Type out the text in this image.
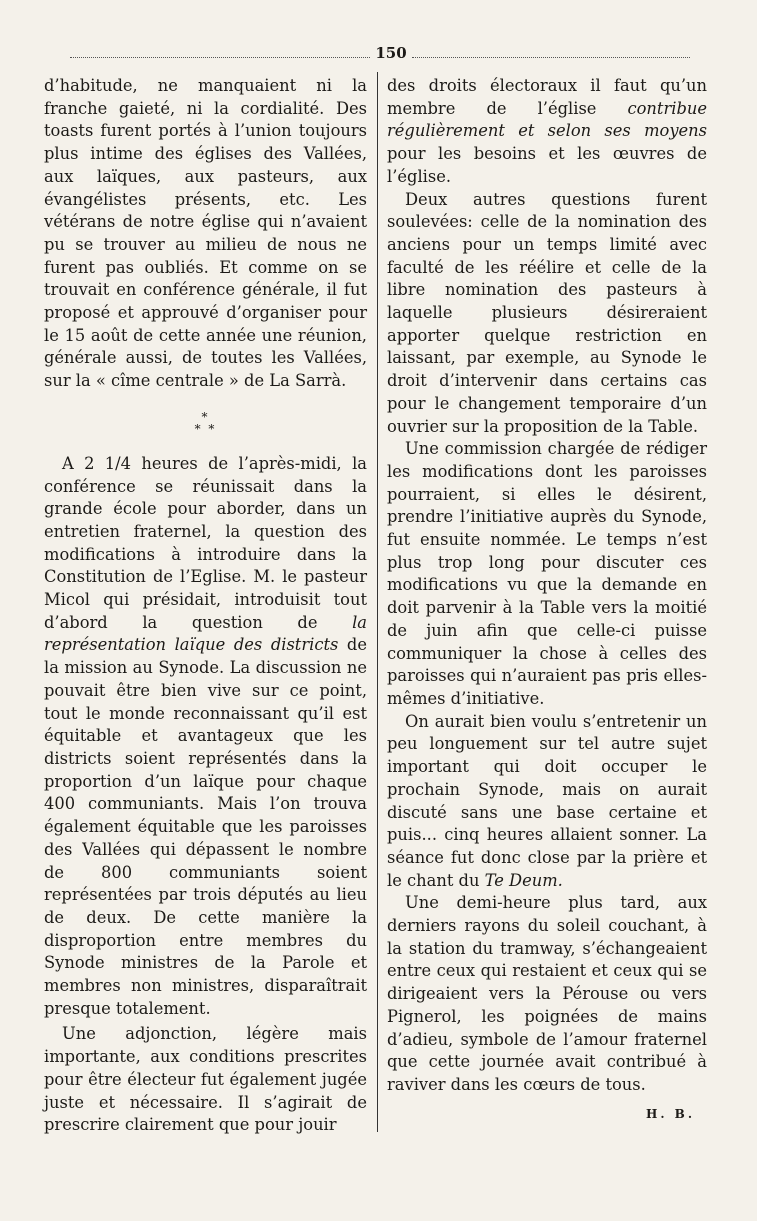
150

d’habitude, ne manquaient ni la franche gaieté, ni la cordialité. Des toasts furent portés à l’union toujours plus intime des églises des Vallées, aux laïques, aux pasteurs, aux évangélistes présents, etc. Les vétérans de notre église qui n’avaient pu se trouver au milieu de nous ne furent pas oubliés. Et comme on se trouvait en conférence générale, il fut proposé et approuvé d’organiser pour le 15 août de cette année une réunion, générale aussi, de toutes les Vallées, sur la « cîme centrale » de La Sarrà.

*
* *

A 2 1/4 heures de l’après-midi, la conférence se réunissait dans la grande école pour aborder, dans un entretien fraternel, la question des modifications à introduire dans la Constitution de l’Eglise. M. le pasteur Micol qui présidait, introduisit tout d’abord la question de la représentation laïque des districts de la mission au Synode. La discussion ne pouvait être bien vive sur ce point, tout le monde reconnaissant qu’il est équitable et avantageux que les districts soient représentés dans la proportion d’un laïque pour chaque 400 communiants. Mais l’on trouva également équitable que les paroisses des Vallées qui dépassent le nombre de 800 communiants soient représentées par trois députés au lieu de deux. De cette manière la disproportion entre membres du Synode ministres de la Parole et membres non ministres, disparaîtrait presque totalement.

Une adjonction, légère mais importante, aux conditions prescrites pour être électeur fut également jugée juste et nécessaire. Il s’agirait de prescrire clairement que pour jouir

des droits électoraux il faut qu’un membre de l’église contribue régulièrement et selon ses moyens pour les besoins et les œuvres de l’église.

Deux autres questions furent soulevées: celle de la nomination des anciens pour un temps limité avec faculté de les réélire et celle de la libre nomination des pasteurs à laquelle plusieurs désireraient apporter quelque restriction en laissant, par exemple, au Synode le droit d’intervenir dans certains cas pour le changement temporaire d’un ouvrier sur la proposition de la Table.

Une commission chargée de rédiger les modifications dont les paroisses pourraient, si elles le désirent, prendre l’initiative auprès du Synode, fut ensuite nommée. Le temps n’est plus trop long pour discuter ces modifications vu que la demande en doit parvenir à la Table vers la moitié de juin afin que celle-ci puisse communiquer la chose à celles des paroisses qui n’auraient pas pris elles-mêmes d’initiative.

On aurait bien voulu s’entretenir un peu longuement sur tel autre sujet important qui doit occuper le prochain Synode, mais on aurait discuté sans une base certaine et puis... cinq heures allaient sonner. La séance fut donc close par la prière et le chant du Te Deum.

Une demi-heure plus tard, aux derniers rayons du soleil couchant, à la station du tramway, s’échangeaient entre ceux qui restaient et ceux qui se dirigeaient vers la Pérouse ou vers Pignerol, les poignées de mains d’adieu, symbole de l’amour fraternel que cette journée avait contribué à raviver dans les cœurs de tous.

H. B.
